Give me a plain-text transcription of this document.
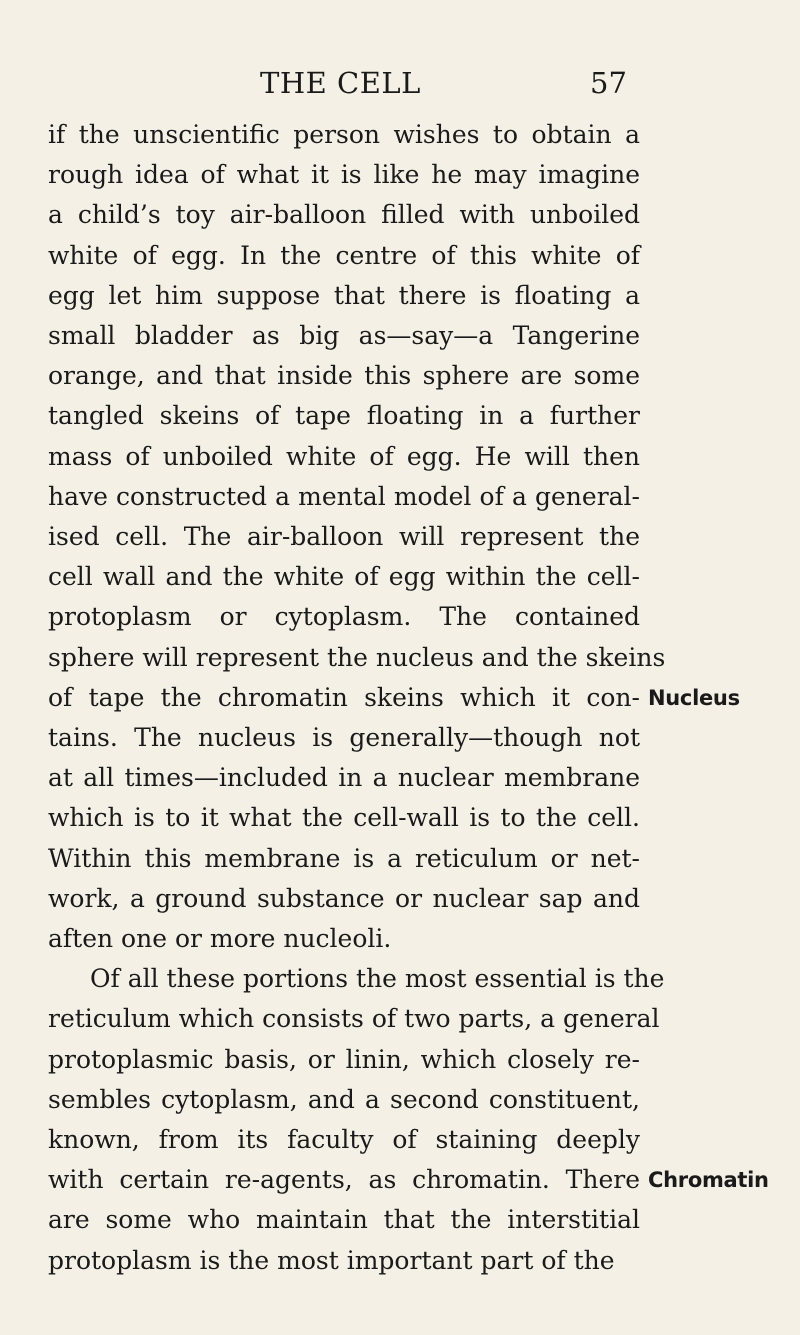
THE CELL	57
if the unscientific person wishes to obtain a
rough idea of what it is like he may imagine
a child’s toy air-balloon filled with unboiled
white of egg. In the centre of this white of
egg let him suppose that there is floating a
small bladder as big as—say—a Tangerine
orange, and that inside this sphere are some
tangled skeins of tape floating in a further
mass of unboiled white of egg. He will then
have constructed a mental model of a general-
ised cell. The air-balloon will represent the
cell wall and the white of egg within the cell-
protoplasm or cytoplasm. The contained
sphere will represent the nucleus and the skeins
of tape the chromatin skeins which it con-
tains. The nucleus is generally—though not
at all times—included in a nuclear membrane
which is to it what the cell-wall is to the cell.
Within this membrane is a reticulum or net-
work, a ground substance or nuclear sap and
aften one or more nucleoli.
Of all these portions the most essential is the
reticulum which consists of two parts, a general
protoplasmic basis, or linin, which closely re-
sembles cytoplasm, and a second constituent,
known, from its faculty of staining deeply
with certain re-agents, as chromatin. There
are some who maintain that the interstitial
protoplasm is the most important part of the
Nucleus
Chromatin
